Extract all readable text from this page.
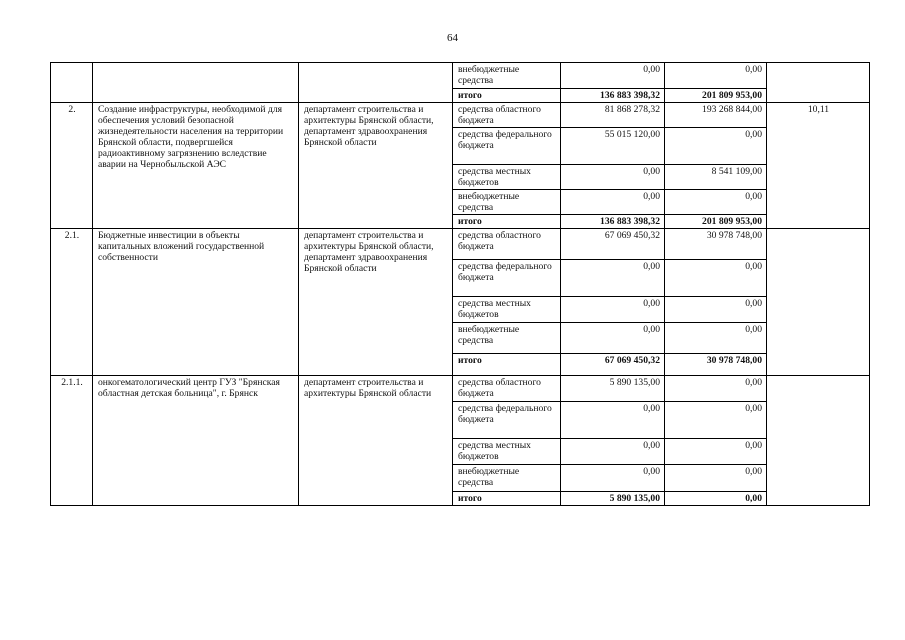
64
			внебюджетные средства	0,00	0,00	
			итого	136 883 398,32	201 809 953,00	
2.	Создание инфраструктуры, необходимой для обеспечения условий безопасной жизнедеятельности населения на территории Брянской области, подвергшейся радиоактивному загрязнению вследствие аварии на Чернобыльской АЭС	департамент строительства и архитектуры Брянской области, департамент здравоохранения Брянской области	средства областного бюджета	81 868 278,32	193 268 844,00	10,11
			средства федерального бюджета	55 015 120,00	0,00	
			средства местных бюджетов	0,00	8 541 109,00	
			внебюджетные средства	0,00	0,00	
			итого	136 883 398,32	201 809 953,00	
2.1.	Бюджетные инвестиции в объекты капитальных вложений государственной собственности	департамент строительства и архитектуры Брянской области, департамент здравоохранения Брянской области	средства областного бюджета	67 069 450,32	30 978 748,00	
			средства федерального бюджета	0,00	0,00	
			средства местных бюджетов	0,00	0,00	
			внебюджетные средства	0,00	0,00	
			итого	67 069 450,32	30 978 748,00	
2.1.1.	онкогематологический центр ГУЗ "Брянская областная детская больница", г. Брянск	департамент строительства и архитектуры Брянской области	средства областного бюджета	5 890 135,00	0,00	
			средства федерального бюджета	0,00	0,00	
			средства местных бюджетов	0,00	0,00	
			внебюджетные средства	0,00	0,00	
			итого	5 890 135,00	0,00	
